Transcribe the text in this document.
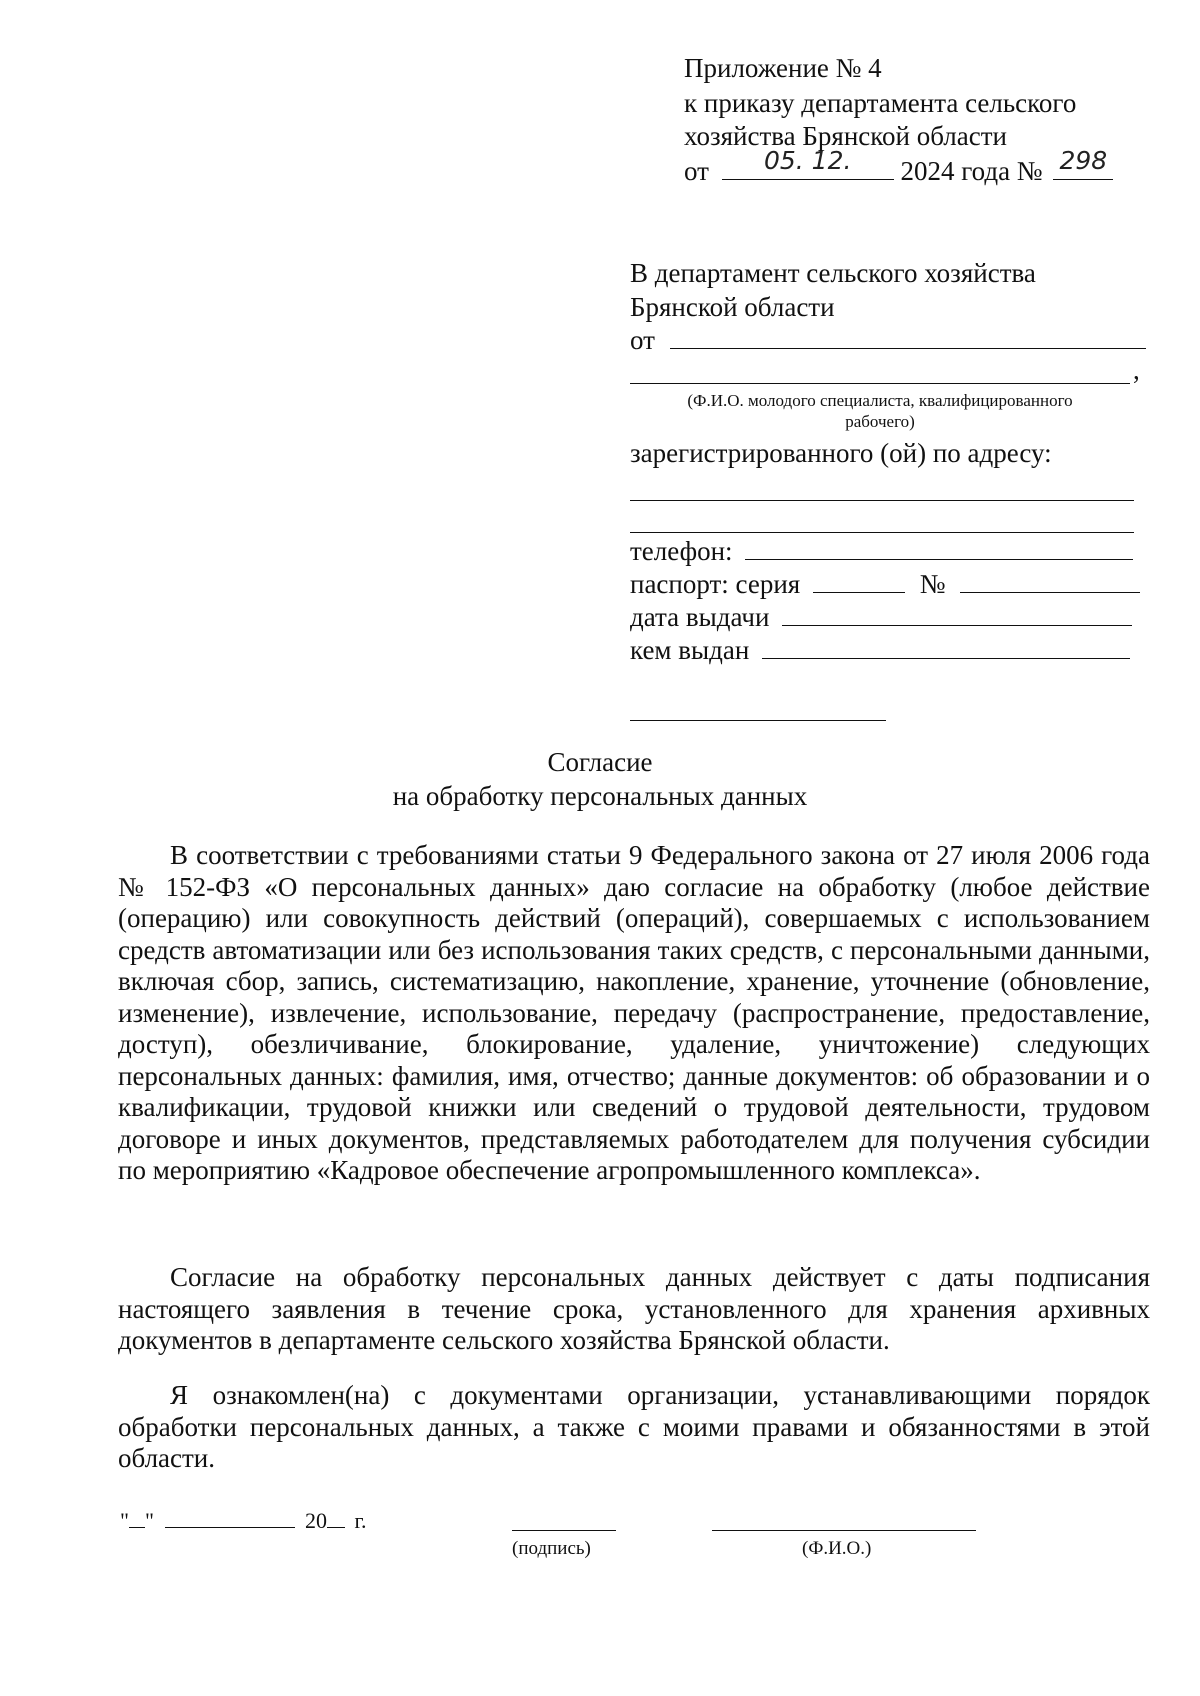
Приложение № 4
к приказу департамента сельского
хозяйства Брянской области
от	05. 12.	2024 года № 298
В департамент сельского хозяйства
Брянской области
от
,
(Ф.И.О. молодого специалиста, квалифицированного
рабочего)
зарегистрированного (ой) по адресу:
телефон:
паспорт: серия	№
дата выдачи
кем выдан
Согласие
на обработку персональных данных
В соответствии с требованиями статьи 9 Федерального закона от 27 июля 2006 года № 152-ФЗ «О персональных данных» даю согласие на обработку (любое действие (операцию) или совокупность действий (операций), совершаемых с использованием средств автоматизации или без использования таких средств, с персональными данными, включая сбор, запись, систематизацию, накопление, хранение, уточнение (обновление, изменение), извлечение, использование, передачу (распространение, предоставление, доступ), обезличивание, блокирование, удаление, уничтожение) следующих персональных данных: фамилия, имя, отчество; данные документов: об образовании и о квалификации, трудовой книжки или сведений о трудовой деятельности, трудовом договоре и иных документов, представляемых работодателем для получения субсидии по мероприятию «Кадровое обеспечение агропромышленного комплекса».
Согласие на обработку персональных данных действует с даты подписания настоящего заявления в течение срока, установленного для хранения архивных документов в департаменте сельского хозяйства Брянской области.
Я ознакомлен(на) с документами организации, устанавливающими порядок обработки персональных данных, а также с моими правами и обязанностями в этой области.
" "	20 г.
(подпись)	(Ф.И.О.)
